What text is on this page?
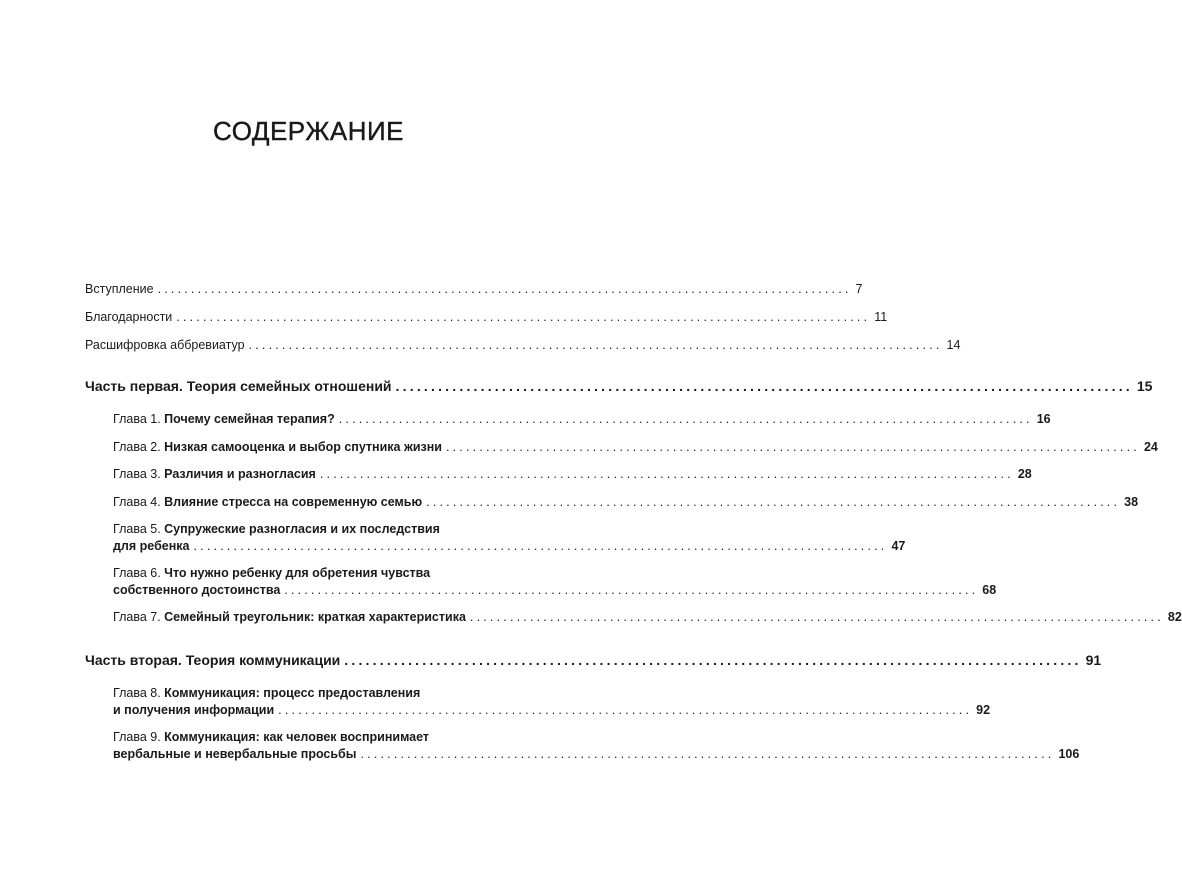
СОДЕРЖАНИЕ
Вступление ........................................................................................................ 7
Благодарности ........................................................................................................ 11
Расшифровка аббревиатур ........................................................................................................ 14
Часть первая. Теория семейных отношений ........................................................................................................ 15
Глава 1. Почему семейная терапия? ........................................................................................................ 16
Глава 2. Низкая самооценка и выбор спутника жизни ........................................................................................................ 24
Глава 3. Различия и разногласия ........................................................................................................ 28
Глава 4. Влияние стресса на современную семью ........................................................................................................ 38
Глава 5. Супружеские разногласия и их последствия
для ребенка ........................................................................................................ 47
Глава 6. Что нужно ребенку для обретения чувства
собственного достоинства ........................................................................................................ 68
Глава 7. Семейный треугольник: краткая характеристика ........................................................................................................ 82
Часть вторая. Теория коммуникации ........................................................................................................ 91
Глава 8. Коммуникация: процесс предоставления
и получения информации ........................................................................................................ 92
Глава 9. Коммуникация: как человек воспринимает
вербальные и невербальные просьбы ........................................................................................................ 106
